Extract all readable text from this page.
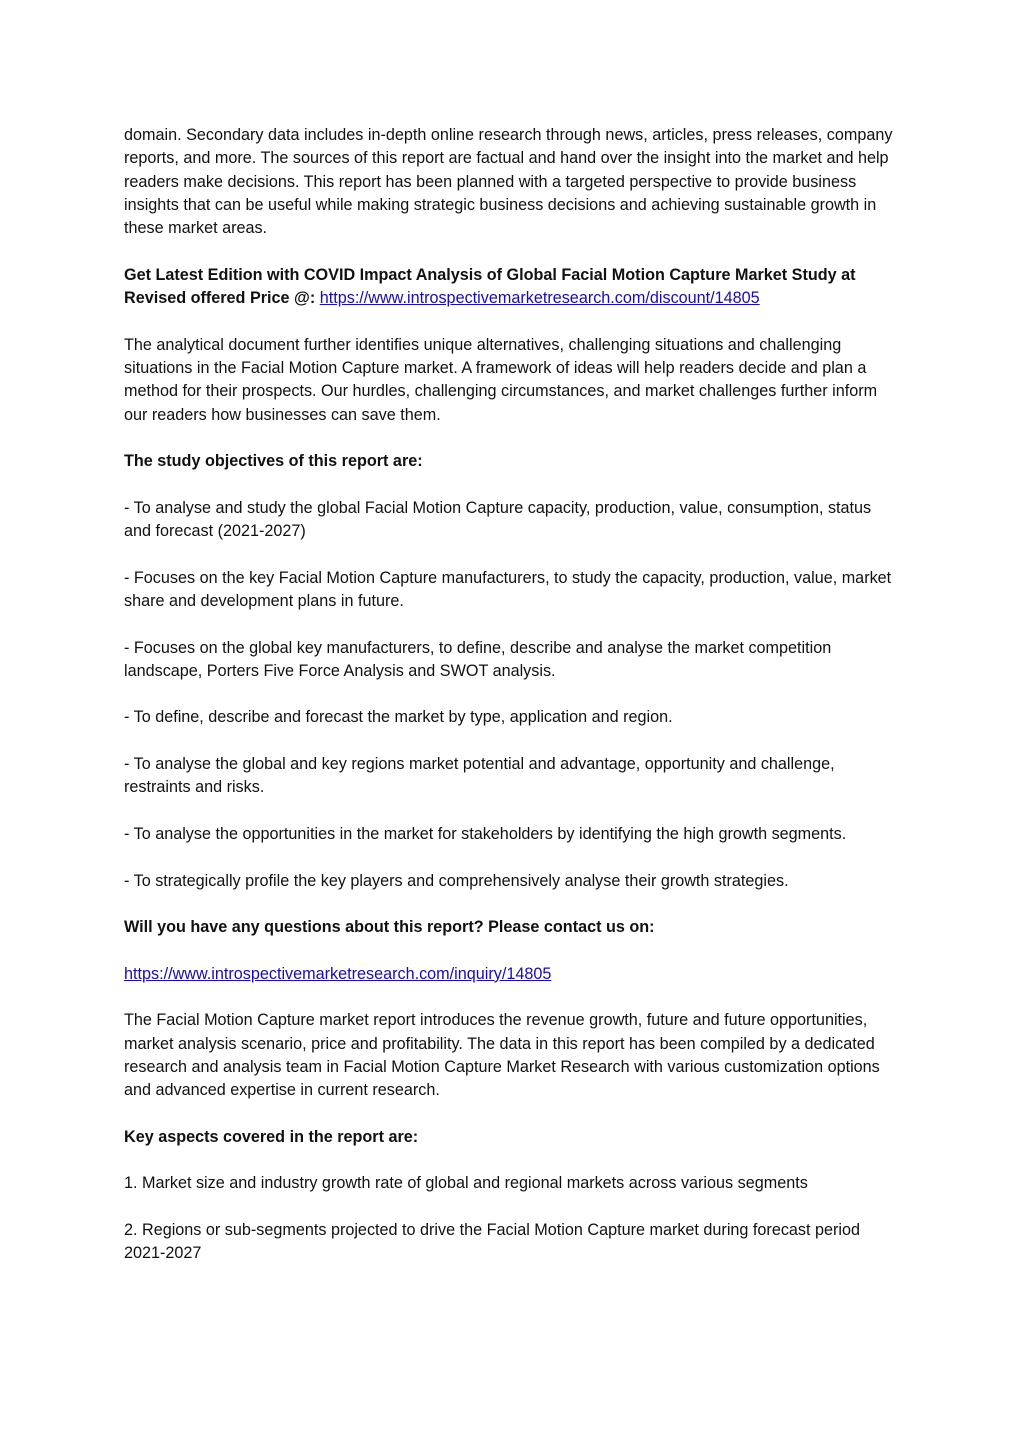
domain. Secondary data includes in-depth online research through news, articles, press releases, company reports, and more. The sources of this report are factual and hand over the insight into the market and help readers make decisions. This report has been planned with a targeted perspective to provide business insights that can be useful while making strategic business decisions and achieving sustainable growth in these market areas.

Get Latest Edition with COVID Impact Analysis of Global Facial Motion Capture Market Study at Revised offered Price @: https://www.introspectivemarketresearch.com/discount/14805

The analytical document further identifies unique alternatives, challenging situations and challenging situations in the Facial Motion Capture market. A framework of ideas will help readers decide and plan a method for their prospects. Our hurdles, challenging circumstances, and market challenges further inform our readers how businesses can save them.

The study objectives of this report are:

- To analyse and study the global Facial Motion Capture capacity, production, value, consumption, status and forecast (2021-2027)

- Focuses on the key Facial Motion Capture manufacturers, to study the capacity, production, value, market share and development plans in future.

- Focuses on the global key manufacturers, to define, describe and analyse the market competition landscape, Porters Five Force Analysis and SWOT analysis.

- To define, describe and forecast the market by type, application and region.

- To analyse the global and key regions market potential and advantage, opportunity and challenge, restraints and risks.

- To analyse the opportunities in the market for stakeholders by identifying the high growth segments.

- To strategically profile the key players and comprehensively analyse their growth strategies.

Will you have any questions about this report? Please contact us on:

https://www.introspectivemarketresearch.com/inquiry/14805

The Facial Motion Capture market report introduces the revenue growth, future and future opportunities, market analysis scenario, price and profitability. The data in this report has been compiled by a dedicated research and analysis team in Facial Motion Capture Market Research with various customization options and advanced expertise in current research.

Key aspects covered in the report are:

1. Market size and industry growth rate of global and regional markets across various segments

2. Regions or sub-segments projected to drive the Facial Motion Capture market during forecast period 2021-2027
